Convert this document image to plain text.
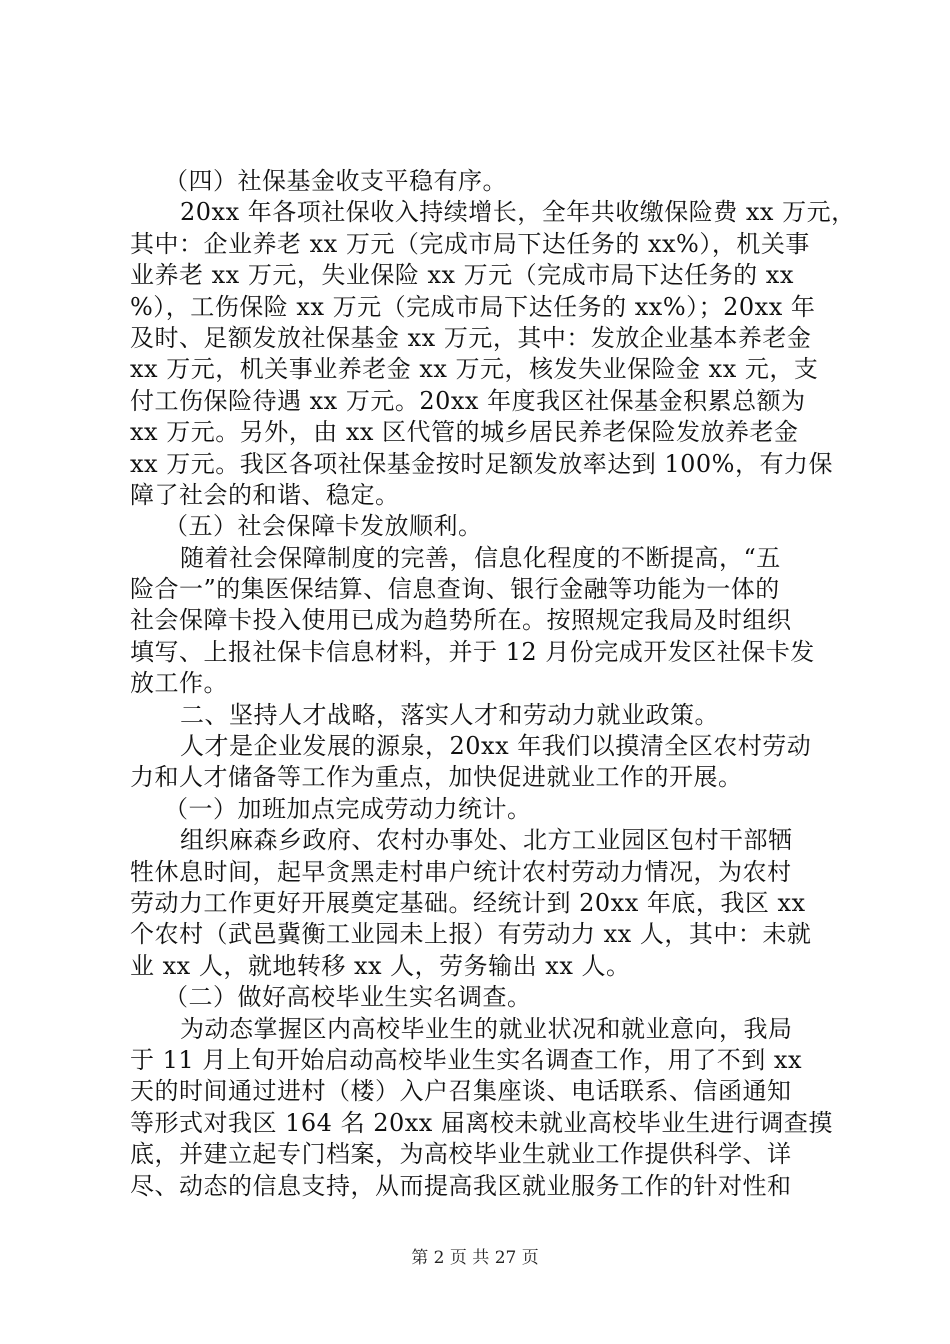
（四）社保基金收支平稳有序。
20xx 年各项社保收入持续增长，全年共收缴保险费 xx 万元，
其中：企业养老 xx 万元（完成市局下达任务的 xx%），机关事
业养老 xx 万元，失业保险 xx 万元（完成市局下达任务的 xx
%），工伤保险 xx 万元（完成市局下达任务的 xx%）；20xx 年
及时、足额发放社保基金 xx 万元，其中：发放企业基本养老金
xx 万元，机关事业养老金 xx 万元，核发失业保险金 xx 元，支
付工伤保险待遇 xx 万元。20xx 年度我区社保基金积累总额为
xx 万元。另外，由 xx 区代管的城乡居民养老保险发放养老金
xx 万元。我区各项社保基金按时足额发放率达到 100%，有力保
障了社会的和谐、稳定。
（五）社会保障卡发放顺利。
随着社会保障制度的完善，信息化程度的不断提高，“五
险合一”的集医保结算、信息查询、银行金融等功能为一体的
社会保障卡投入使用已成为趋势所在。按照规定我局及时组织
填写、上报社保卡信息材料，并于 12 月份完成开发区社保卡发
放工作。
二、坚持人才战略，落实人才和劳动力就业政策。
人才是企业发展的源泉，20xx 年我们以摸清全区农村劳动
力和人才储备等工作为重点，加快促进就业工作的开展。
（一）加班加点完成劳动力统计。
组织麻森乡政府、农村办事处、北方工业园区包村干部牺
牲休息时间，起早贪黑走村串户统计农村劳动力情况，为农村
劳动力工作更好开展奠定基础。经统计到 20xx 年底，我区 xx
个农村（武邑冀衡工业园未上报）有劳动力 xx 人，其中：未就
业 xx 人，就地转移 xx 人，劳务输出 xx 人。
（二）做好高校毕业生实名调查。
为动态掌握区内高校毕业生的就业状况和就业意向，我局
于 11 月上旬开始启动高校毕业生实名调查工作，用了不到 xx
天的时间通过进村（楼）入户召集座谈、电话联系、信函通知
等形式对我区 164 名 20xx 届离校未就业高校毕业生进行调查摸
底，并建立起专门档案，为高校毕业生就业工作提供科学、详
尽、动态的信息支持，从而提高我区就业服务工作的针对性和
第 2 页 共 27 页
